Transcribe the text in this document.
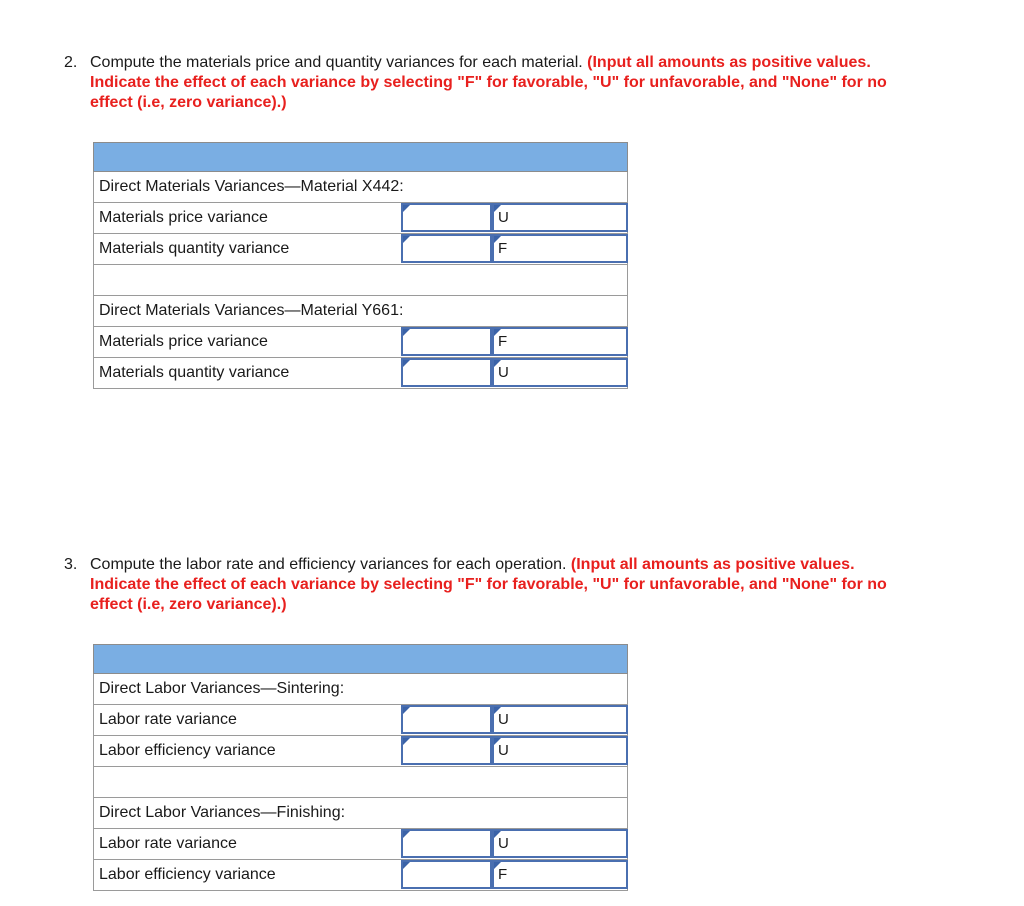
2. Compute the materials price and quantity variances for each material. (Input all amounts as positive values. Indicate the effect of each variance by selecting "F" for favorable, "U" for unfavorable, and "None" for no effect (i.e, zero variance).)
Direct Materials Variances—Material X442:
Materials price variance	U
Materials quantity variance	F
Direct Materials Variances—Material Y661:
Materials price variance	F
Materials quantity variance	U
3. Compute the labor rate and efficiency variances for each operation. (Input all amounts as positive values. Indicate the effect of each variance by selecting "F" for favorable, "U" for unfavorable, and "None" for no effect (i.e, zero variance).)
Direct Labor Variances—Sintering:
Labor rate variance	U
Labor efficiency variance	U
Direct Labor Variances—Finishing:
Labor rate variance	U
Labor efficiency variance	F
